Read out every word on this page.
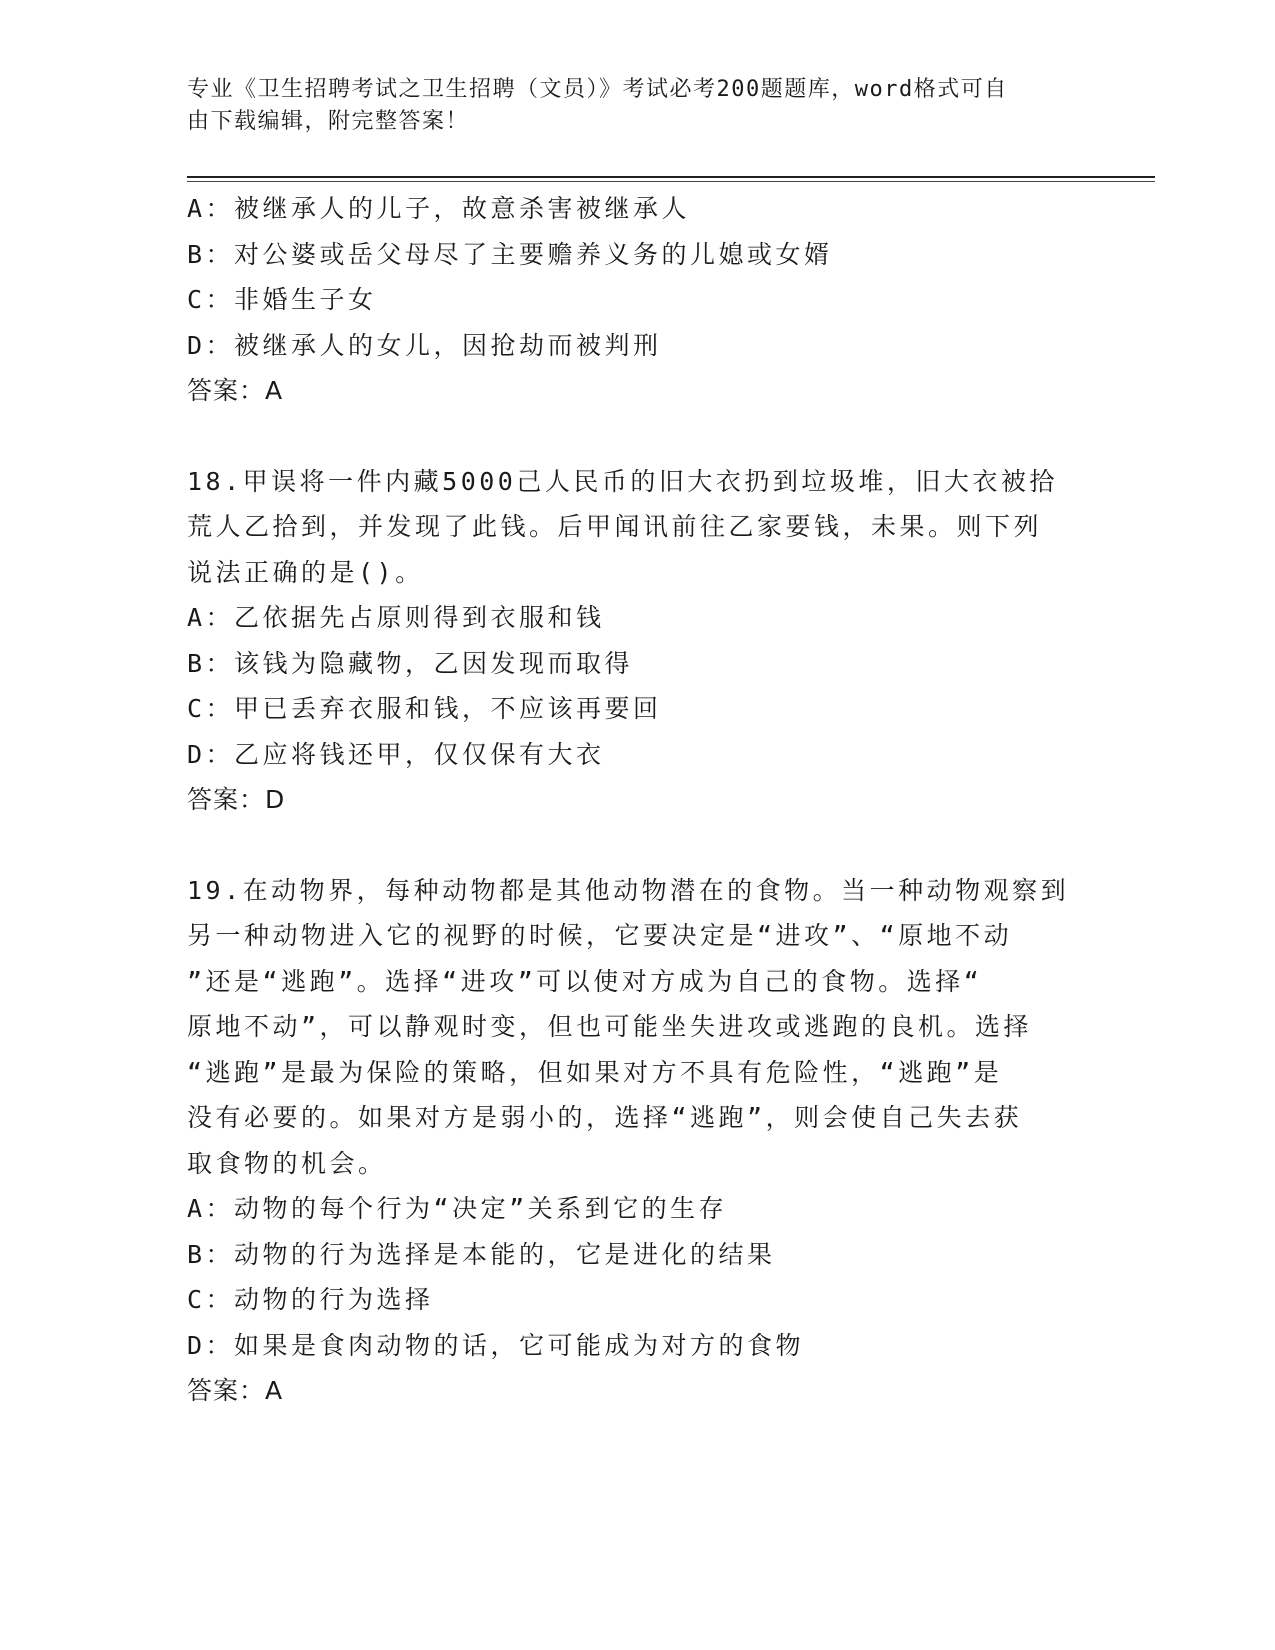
专业《卫生招聘考试之卫生招聘（文员）》考试必考200题题库，word格式可自
由下载编辑，附完整答案！
A：被继承人的儿子，故意杀害被继承人
B：对公婆或岳父母尽了主要赡养义务的儿媳或女婿
C：非婚生子女
D：被继承人的女儿，因抢劫而被判刑
答案：A
18.甲误将一件内藏5000己人民币的旧大衣扔到垃圾堆，旧大衣被拾
荒人乙拾到，并发现了此钱。后甲闻讯前往乙家要钱，未果。则下列
说法正确的是()。
A：乙依据先占原则得到衣服和钱
B：该钱为隐藏物，乙因发现而取得
C：甲已丢弃衣服和钱，不应该再要回
D：乙应将钱还甲，仅仅保有大衣
答案：D
19.在动物界，每种动物都是其他动物潜在的食物。当一种动物观察到
另一种动物进入它的视野的时候，它要决定是“进攻”、“原地不动
”还是“逃跑”。选择“进攻”可以使对方成为自己的食物。选择“
原地不动”，可以静观时变，但也可能坐失进攻或逃跑的良机。选择
“逃跑”是最为保险的策略，但如果对方不具有危险性，“逃跑”是
没有必要的。如果对方是弱小的，选择“逃跑”，则会使自己失去获
取食物的机会。
A：动物的每个行为“决定”关系到它的生存
B：动物的行为选择是本能的，它是进化的结果
C：动物的行为选择
D：如果是食肉动物的话，它可能成为对方的食物
答案：A
